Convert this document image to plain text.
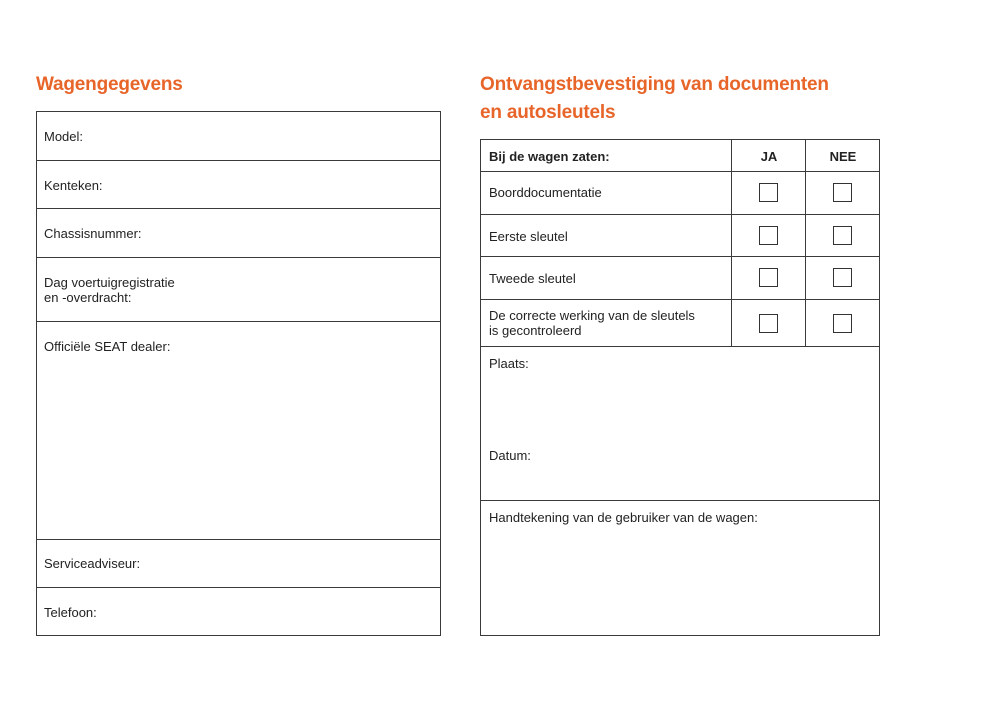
Wagengegevens
Model:
Kenteken:
Chassisnummer:
Dag voertuigregistratie
en -overdracht:
Officiële SEAT dealer:
Serviceadviseur:
Telefoon:
Ontvangstbevestiging van documenten
en autosleutels
Bij de wagen zaten:	JA	NEE
Boorddocumentatie
Eerste sleutel
Tweede sleutel
De correcte werking van de sleutels
is gecontroleerd
Plaats:
Datum:
Handtekening van de gebruiker van de wagen:
